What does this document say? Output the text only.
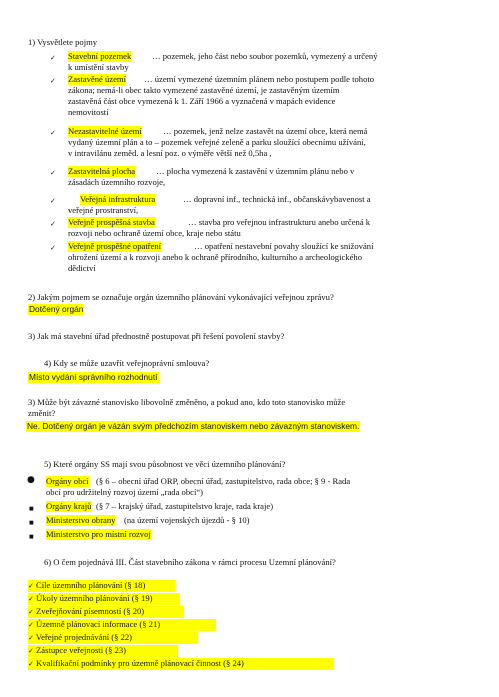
1) Vysvětlete pojmy
✓ Stavební pozemek … pozemek, jeho část nebo soubor pozemků, vymezený a určený
k umístění stavby
✓ Zastavěné území … území vymezené územním plánem nebo postupem podle tohoto
zákona; nemá-li obec takto vymezené zastavěné území, je zastavěným územím
zastavěná část obce vymezená k 1. Září 1966 a vyznačená v mapách evidence
nemovitostí
✓ Nezastavitelné území … pozemek, jenž nelze zastavět na území obce, která nemá
vydaný územní plán a to – pozemek veřejné zeleně a parku sloužící obecnímu užívání,
v intravilánu zeměd. a lesní poz. o výměře větší než 0,5ha ,
✓ Zastavitelná plocha … plocha vymezená k zastavění v územním plánu nebo v
zásadách územního rozvoje,
✓	Veřejná infrastruktura	… dopravní inf., technická inf., občanskávybavenost a
veřejné prostranství,
✓ Veřejně prospěšná stavba	… stavba pro veřejnou infrastrukturu anebo určená k
rozvoji nebo ochraně území obce, kraje nebo státu
✓ Veřejně prospěšné opatření	… opatření nestavební povahy sloužící ke snižování
ohrožení území a k rozvoji anebo k ochraně přírodního, kulturního a archeologického
dědictví
2) Jakým pojmem se označuje orgán územního plánování vykonávající veřejnou zprávu?
Dotčený orgán
3) Jak má stavební úřad přednostně postupovat při řešení povolení stavby?
4) Kdy se může uzavřít veřejnoprávní smlouva?
Místo vydání správního rozhodnutí
3) Může být závazné stanovisko libovolně změněno, a pokud ano, kdo toto stanovisko může
změnit?
Ne. Dotčený orgán je vázán svým předchozím stanoviskem nebo závazným stanoviskem.
5) Které orgány SS mají svou působnost ve věci územního plánování?
● Orgány obcí (§ 6 – obecní úřad ORP, obecní úřad, zastupitelstvo, rada obce; § 9 - Rada
obcí pro udržitelný rozvoj území „rada obcí“)
■ Orgány krajů (§ 7 – krajský úřad, zastupitelstvo kraje, rada kraje)
■ Ministerstvo obrany (na území vojenských újezdů - § 10)
■ Ministerstvo pro místní rozvoj
6) O čem pojednává III. Část stavebního zákona v rámci procesu Uzemní plánování?
✓ Cíle územního plánování (§ 18)
✓ Úkoly územního plánování (§ 19)
✓ Zveřejňování písemností (§ 20)
✓ Územně plánovací informace (§ 21)
✓ Veřejné projednávání (§ 22)
✓ Zástupce veřejnosti (§ 23)
✓ Kvalifikační podmínky pro územně plánovací činnost (§ 24)
